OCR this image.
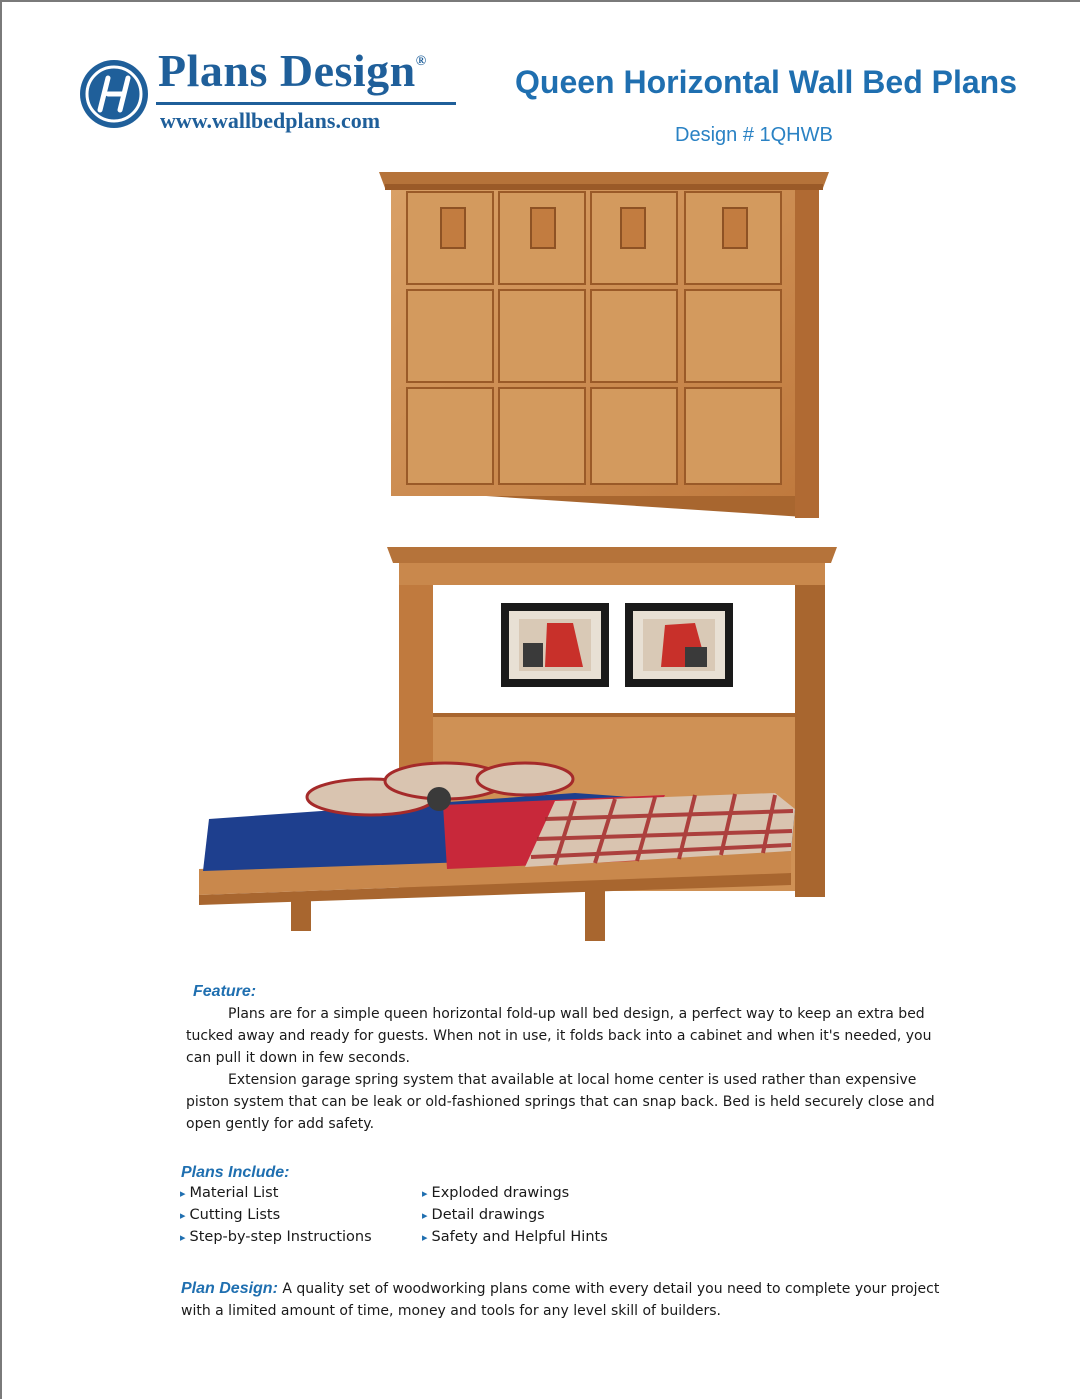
Plans Design®
www.wallbedplans.com
Queen Horizontal Wall Bed Plans
Design # 1QHWB
Feature:

Plans are for a simple queen horizontal fold-up wall bed design, a perfect way to keep an extra bed tucked away and ready for guests. When not in use, it folds back into a cabinet and when it's needed, you can pull it down in few seconds.

Extension garage spring system that available at local home center is used rather than expensive piston system that can be leak or old-fashioned springs that can snap back. Bed is held securely close and open gently for add safety.

Plans Include:
▸ Material List
▸ Cutting Lists
▸ Step-by-step Instructions
▸ Exploded drawings
▸ Detail drawings
▸ Safety and Helpful Hints
Plan Design: A quality set of woodworking plans come with every detail you need to complete your project with a limited amount of time, money and tools for any level skill of builders.
